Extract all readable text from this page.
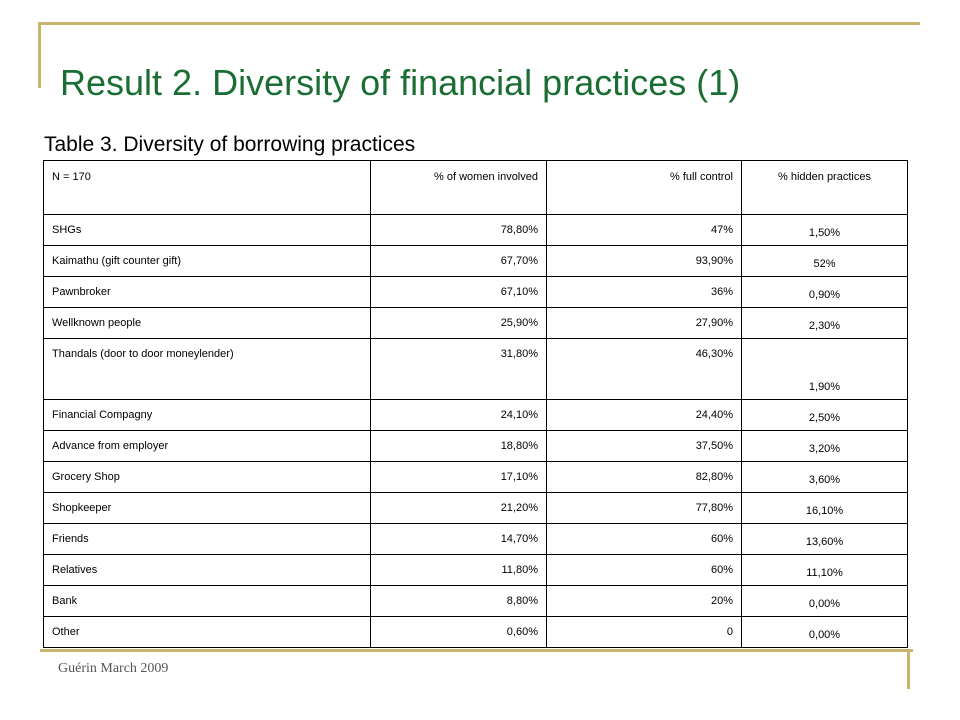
Result 2. Diversity of financial practices (1)
Table 3. Diversity of borrowing practices
N = 170	% of women involved	% full control	% hidden practices

SHGs	78,80%	47%	1,50%

Kaimathu (gift counter gift)	67,70%	93,90%	52%

Pawnbroker	67,10%	36%	0,90%

Wellknown people	25,90%	27,90%	2,30%

Thandals (door to door moneylender)	31,80%	46,30%	1,90%

Financial Compagny	24,10%	24,40%	2,50%

Advance from employer	18,80%	37,50%	3,20%

Grocery Shop	17,10%	82,80%	3,60%

Shopkeeper	21,20%	77,80%	16,10%

Friends	14,70%	60%	13,60%

Relatives	11,80%	60%	11,10%

Bank	8,80%	20%	0,00%

Other	0,60%	0	0,00%
Guérin March 2009
